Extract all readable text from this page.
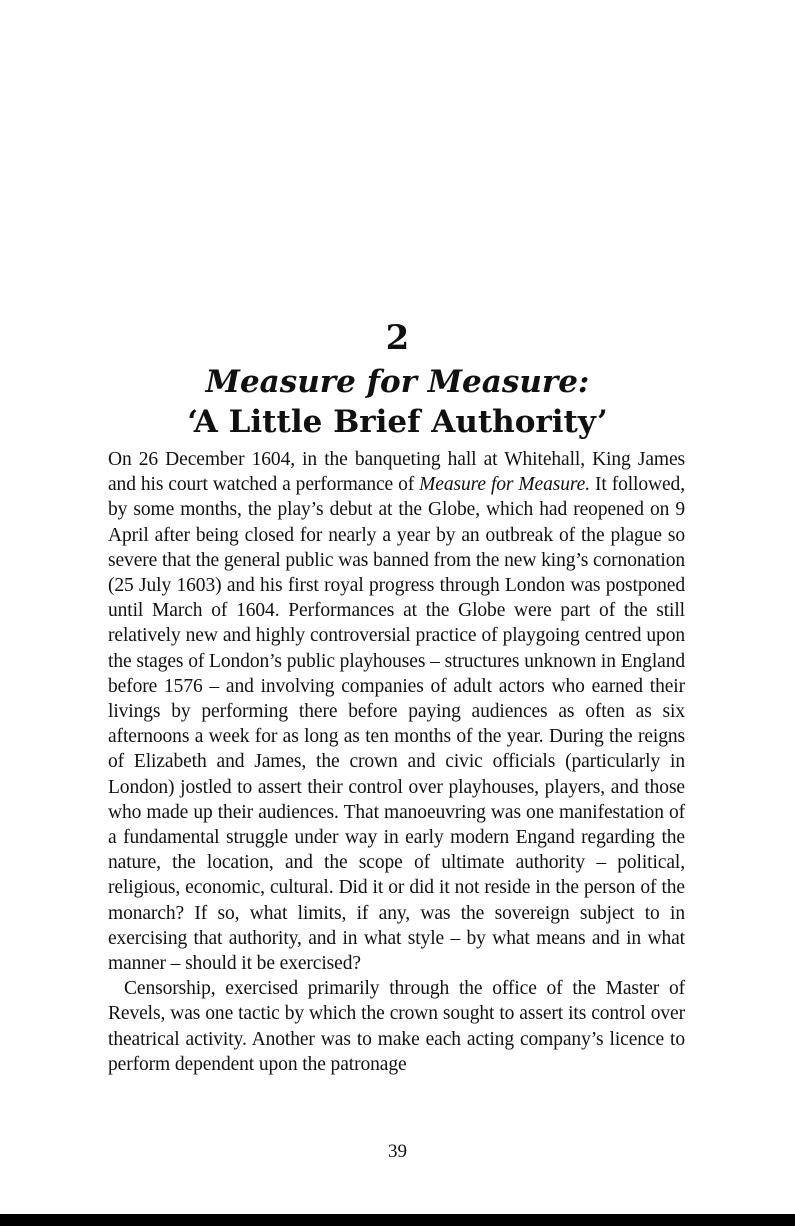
2
Measure for Measure:
‘A Little Brief Authority’

On 26 December 1604, in the banqueting hall at Whitehall, King James and his court watched a performance of Measure for Measure. It followed, by some months, the play’s debut at the Globe, which had reopened on 9 April after being closed for nearly a year by an outbreak of the plague so severe that the general public was banned from the new king’s cornonation (25 July 1603) and his first royal progress through London was postponed until March of 1604. Performances at the Globe were part of the still relatively new and highly controversial practice of playgoing centred upon the stages of London’s public playhouses – structures unknown in England before 1576 – and involving companies of adult actors who earned their livings by performing there before paying audiences as often as six afternoons a week for as long as ten months of the year. During the reigns of Elizabeth and James, the crown and civic officials (particularly in London) jostled to assert their control over playhouses, players, and those who made up their audiences. That manoeuvring was one manifestation of a fundamental struggle under way in early modern Engand regarding the nature, the location, and the scope of ultimate authority – political, religious, economic, cultural. Did it or did it not reside in the person of the monarch? If so, what limits, if any, was the sovereign subject to in exercising that authority, and in what style – by what means and in what manner – should it be exercised?

Censorship, exercised primarily through the office of the Master of Revels, was one tactic by which the crown sought to assert its control over theatrical activity. Another was to make each acting company’s licence to perform dependent upon the patronage

39
